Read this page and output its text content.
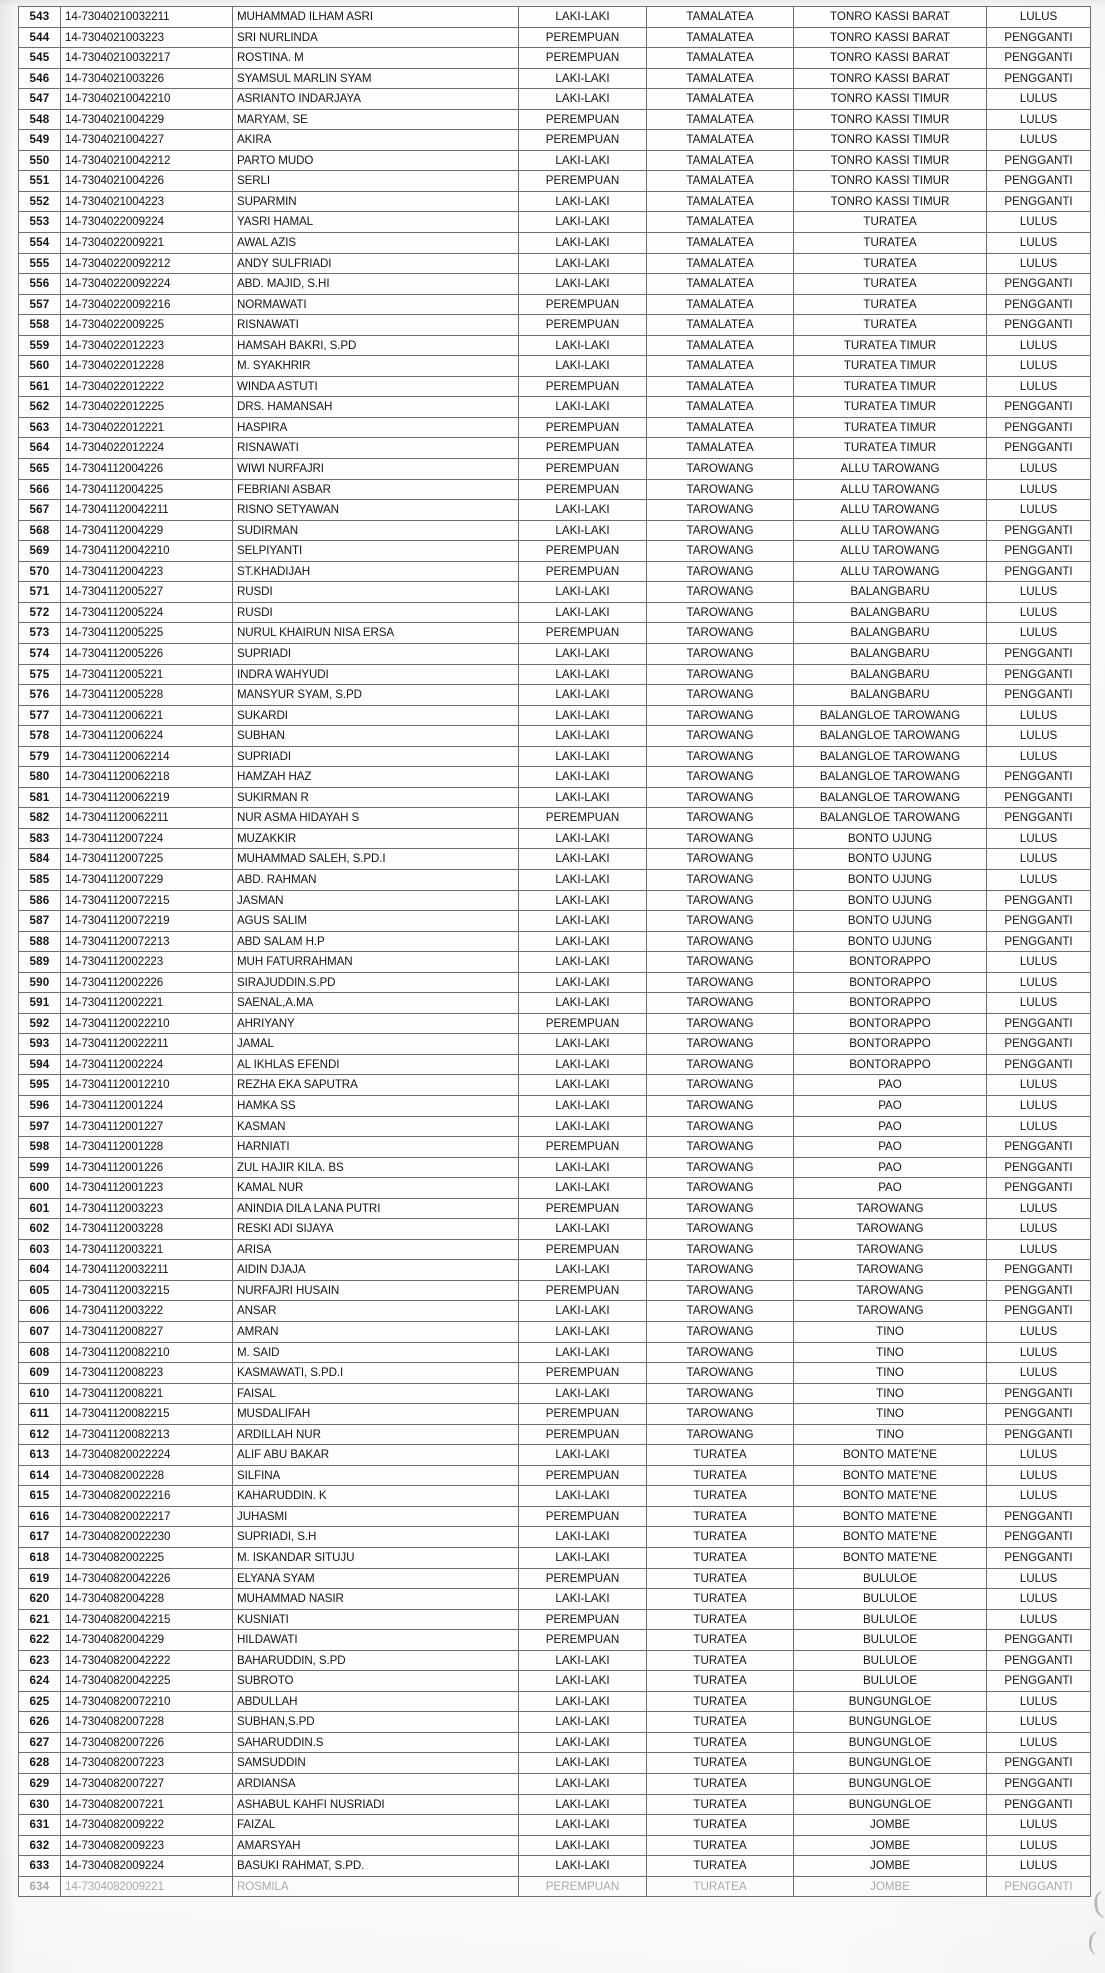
543	14-73040210032211	MUHAMMAD ILHAM ASRI	LAKI-LAKI	TAMALATEA	TONRO KASSI BARAT	LULUS
544	14-7304021003223	SRI NURLINDA	PEREMPUAN	TAMALATEA	TONRO KASSI BARAT	PENGGANTI
545	14-73040210032217	ROSTINA. M	PEREMPUAN	TAMALATEA	TONRO KASSI BARAT	PENGGANTI
546	14-7304021003226	SYAMSUL MARLIN SYAM	LAKI-LAKI	TAMALATEA	TONRO KASSI BARAT	PENGGANTI
547	14-73040210042210	ASRIANTO INDARJAYA	LAKI-LAKI	TAMALATEA	TONRO KASSI TIMUR	LULUS
548	14-7304021004229	MARYAM, SE	PEREMPUAN	TAMALATEA	TONRO KASSI TIMUR	LULUS
549	14-7304021004227	AKIRA	PEREMPUAN	TAMALATEA	TONRO KASSI TIMUR	LULUS
550	14-73040210042212	PARTO MUDO	LAKI-LAKI	TAMALATEA	TONRO KASSI TIMUR	PENGGANTI
551	14-7304021004226	SERLI	PEREMPUAN	TAMALATEA	TONRO KASSI TIMUR	PENGGANTI
552	14-7304021004223	SUPARMIN	LAKI-LAKI	TAMALATEA	TONRO KASSI TIMUR	PENGGANTI
553	14-7304022009224	YASRI HAMAL	LAKI-LAKI	TAMALATEA	TURATEA	LULUS
554	14-7304022009221	AWAL AZIS	LAKI-LAKI	TAMALATEA	TURATEA	LULUS
555	14-73040220092212	ANDY SULFRIADI	LAKI-LAKI	TAMALATEA	TURATEA	LULUS
556	14-73040220092224	ABD. MAJID, S.HI	LAKI-LAKI	TAMALATEA	TURATEA	PENGGANTI
557	14-73040220092216	NORMAWATI	PEREMPUAN	TAMALATEA	TURATEA	PENGGANTI
558	14-7304022009225	RISNAWATI	PEREMPUAN	TAMALATEA	TURATEA	PENGGANTI
559	14-7304022012223	HAMSAH BAKRI, S.PD	LAKI-LAKI	TAMALATEA	TURATEA TIMUR	LULUS
560	14-7304022012228	M. SYAKHRIR	LAKI-LAKI	TAMALATEA	TURATEA TIMUR	LULUS
561	14-7304022012222	WINDA ASTUTI	PEREMPUAN	TAMALATEA	TURATEA TIMUR	LULUS
562	14-7304022012225	DRS. HAMANSAH	LAKI-LAKI	TAMALATEA	TURATEA TIMUR	PENGGANTI
563	14-7304022012221	HASPIRA	PEREMPUAN	TAMALATEA	TURATEA TIMUR	PENGGANTI
564	14-7304022012224	RISNAWATI	PEREMPUAN	TAMALATEA	TURATEA TIMUR	PENGGANTI
565	14-7304112004226	WIWI NURFAJRI	PEREMPUAN	TAROWANG	ALLU TAROWANG	LULUS
566	14-7304112004225	FEBRIANI ASBAR	PEREMPUAN	TAROWANG	ALLU TAROWANG	LULUS
567	14-73041120042211	RISNO SETYAWAN	LAKI-LAKI	TAROWANG	ALLU TAROWANG	LULUS
568	14-7304112004229	SUDIRMAN	LAKI-LAKI	TAROWANG	ALLU TAROWANG	PENGGANTI
569	14-73041120042210	SELPIYANTI	PEREMPUAN	TAROWANG	ALLU TAROWANG	PENGGANTI
570	14-7304112004223	ST.KHADIJAH	PEREMPUAN	TAROWANG	ALLU TAROWANG	PENGGANTI
571	14-7304112005227	RUSDI	LAKI-LAKI	TAROWANG	BALANGBARU	LULUS
572	14-7304112005224	RUSDI	LAKI-LAKI	TAROWANG	BALANGBARU	LULUS
573	14-7304112005225	NURUL KHAIRUN NISA ERSA	PEREMPUAN	TAROWANG	BALANGBARU	LULUS
574	14-7304112005226	SUPRIADI	LAKI-LAKI	TAROWANG	BALANGBARU	PENGGANTI
575	14-7304112005221	INDRA WAHYUDI	LAKI-LAKI	TAROWANG	BALANGBARU	PENGGANTI
576	14-7304112005228	MANSYUR SYAM, S.PD	LAKI-LAKI	TAROWANG	BALANGBARU	PENGGANTI
577	14-7304112006221	SUKARDI	LAKI-LAKI	TAROWANG	BALANGLOE TAROWANG	LULUS
578	14-7304112006224	SUBHAN	LAKI-LAKI	TAROWANG	BALANGLOE TAROWANG	LULUS
579	14-73041120062214	SUPRIADI	LAKI-LAKI	TAROWANG	BALANGLOE TAROWANG	LULUS
580	14-73041120062218	HAMZAH HAZ	LAKI-LAKI	TAROWANG	BALANGLOE TAROWANG	PENGGANTI
581	14-73041120062219	SUKIRMAN R	LAKI-LAKI	TAROWANG	BALANGLOE TAROWANG	PENGGANTI
582	14-73041120062211	NUR ASMA HIDAYAH S	PEREMPUAN	TAROWANG	BALANGLOE TAROWANG	PENGGANTI
583	14-7304112007224	MUZAKKIR	LAKI-LAKI	TAROWANG	BONTO UJUNG	LULUS
584	14-7304112007225	MUHAMMAD SALEH, S.PD.I	LAKI-LAKI	TAROWANG	BONTO UJUNG	LULUS
585	14-7304112007229	ABD. RAHMAN	LAKI-LAKI	TAROWANG	BONTO UJUNG	LULUS
586	14-73041120072215	JASMAN	LAKI-LAKI	TAROWANG	BONTO UJUNG	PENGGANTI
587	14-73041120072219	AGUS SALIM	LAKI-LAKI	TAROWANG	BONTO UJUNG	PENGGANTI
588	14-73041120072213	ABD SALAM H.P	LAKI-LAKI	TAROWANG	BONTO UJUNG	PENGGANTI
589	14-7304112002223	MUH FATURRAHMAN	LAKI-LAKI	TAROWANG	BONTORAPPO	LULUS
590	14-7304112002226	SIRAJUDDIN.S.PD	LAKI-LAKI	TAROWANG	BONTORAPPO	LULUS
591	14-7304112002221	SAENAL,A.MA	LAKI-LAKI	TAROWANG	BONTORAPPO	LULUS
592	14-73041120022210	AHRIYANY	PEREMPUAN	TAROWANG	BONTORAPPO	PENGGANTI
593	14-73041120022211	JAMAL	LAKI-LAKI	TAROWANG	BONTORAPPO	PENGGANTI
594	14-7304112002224	AL IKHLAS EFENDI	LAKI-LAKI	TAROWANG	BONTORAPPO	PENGGANTI
595	14-73041120012210	REZHA EKA SAPUTRA	LAKI-LAKI	TAROWANG	PAO	LULUS
596	14-7304112001224	HAMKA SS	LAKI-LAKI	TAROWANG	PAO	LULUS
597	14-7304112001227	KASMAN	LAKI-LAKI	TAROWANG	PAO	LULUS
598	14-7304112001228	HARNIATI	PEREMPUAN	TAROWANG	PAO	PENGGANTI
599	14-7304112001226	ZUL HAJIR KILA. BS	LAKI-LAKI	TAROWANG	PAO	PENGGANTI
600	14-7304112001223	KAMAL NUR	LAKI-LAKI	TAROWANG	PAO	PENGGANTI
601	14-7304112003223	ANINDIA DILA LANA PUTRI	PEREMPUAN	TAROWANG	TAROWANG	LULUS
602	14-7304112003228	RESKI ADI SIJAYA	LAKI-LAKI	TAROWANG	TAROWANG	LULUS
603	14-7304112003221	ARISA	PEREMPUAN	TAROWANG	TAROWANG	LULUS
604	14-73041120032211	AIDIN DJAJA	LAKI-LAKI	TAROWANG	TAROWANG	PENGGANTI
605	14-73041120032215	NURFAJRI HUSAIN	PEREMPUAN	TAROWANG	TAROWANG	PENGGANTI
606	14-7304112003222	ANSAR	LAKI-LAKI	TAROWANG	TAROWANG	PENGGANTI
607	14-7304112008227	AMRAN	LAKI-LAKI	TAROWANG	TINO	LULUS
608	14-73041120082210	M. SAID	LAKI-LAKI	TAROWANG	TINO	LULUS
609	14-7304112008223	KASMAWATI, S.PD.I	PEREMPUAN	TAROWANG	TINO	LULUS
610	14-7304112008221	FAISAL	LAKI-LAKI	TAROWANG	TINO	PENGGANTI
611	14-73041120082215	MUSDALIFAH	PEREMPUAN	TAROWANG	TINO	PENGGANTI
612	14-73041120082213	ARDILLAH NUR	PEREMPUAN	TAROWANG	TINO	PENGGANTI
613	14-73040820022224	ALIF ABU BAKAR	LAKI-LAKI	TURATEA	BONTO MATE'NE	LULUS
614	14-7304082002228	SILFINA	PEREMPUAN	TURATEA	BONTO MATE'NE	LULUS
615	14-73040820022216	KAHARUDDIN. K	LAKI-LAKI	TURATEA	BONTO MATE'NE	LULUS
616	14-73040820022217	JUHASMI	PEREMPUAN	TURATEA	BONTO MATE'NE	PENGGANTI
617	14-73040820022230	SUPRIADI, S.H	LAKI-LAKI	TURATEA	BONTO MATE'NE	PENGGANTI
618	14-7304082002225	M. ISKANDAR SITUJU	LAKI-LAKI	TURATEA	BONTO MATE'NE	PENGGANTI
619	14-73040820042226	ELYANA SYAM	PEREMPUAN	TURATEA	BULULOE	LULUS
620	14-7304082004228	MUHAMMAD NASIR	LAKI-LAKI	TURATEA	BULULOE	LULUS
621	14-73040820042215	KUSNIATI	PEREMPUAN	TURATEA	BULULOE	LULUS
622	14-7304082004229	HILDAWATI	PEREMPUAN	TURATEA	BULULOE	PENGGANTI
623	14-73040820042222	BAHARUDDIN, S.PD	LAKI-LAKI	TURATEA	BULULOE	PENGGANTI
624	14-73040820042225	SUBROTO	LAKI-LAKI	TURATEA	BULULOE	PENGGANTI
625	14-73040820072210	ABDULLAH	LAKI-LAKI	TURATEA	BUNGUNGLOE	LULUS
626	14-7304082007228	SUBHAN,S.PD	LAKI-LAKI	TURATEA	BUNGUNGLOE	LULUS
627	14-7304082007226	SAHARUDDIN.S	LAKI-LAKI	TURATEA	BUNGUNGLOE	LULUS
628	14-7304082007223	SAMSUDDIN	LAKI-LAKI	TURATEA	BUNGUNGLOE	PENGGANTI
629	14-7304082007227	ARDIANSA	LAKI-LAKI	TURATEA	BUNGUNGLOE	PENGGANTI
630	14-7304082007221	ASHABUL KAHFI NUSRIADI	LAKI-LAKI	TURATEA	BUNGUNGLOE	PENGGANTI
631	14-7304082009222	FAIZAL	LAKI-LAKI	TURATEA	JOMBE	LULUS
632	14-7304082009223	AMARSYAH	LAKI-LAKI	TURATEA	JOMBE	LULUS
633	14-7304082009224	BASUKI RAHMAT, S.PD.	LAKI-LAKI	TURATEA	JOMBE	LULUS
634	14-7304082009221	ROSMILA	PEREMPUAN	TURATEA	JOMBE	PENGGANTI (
(
